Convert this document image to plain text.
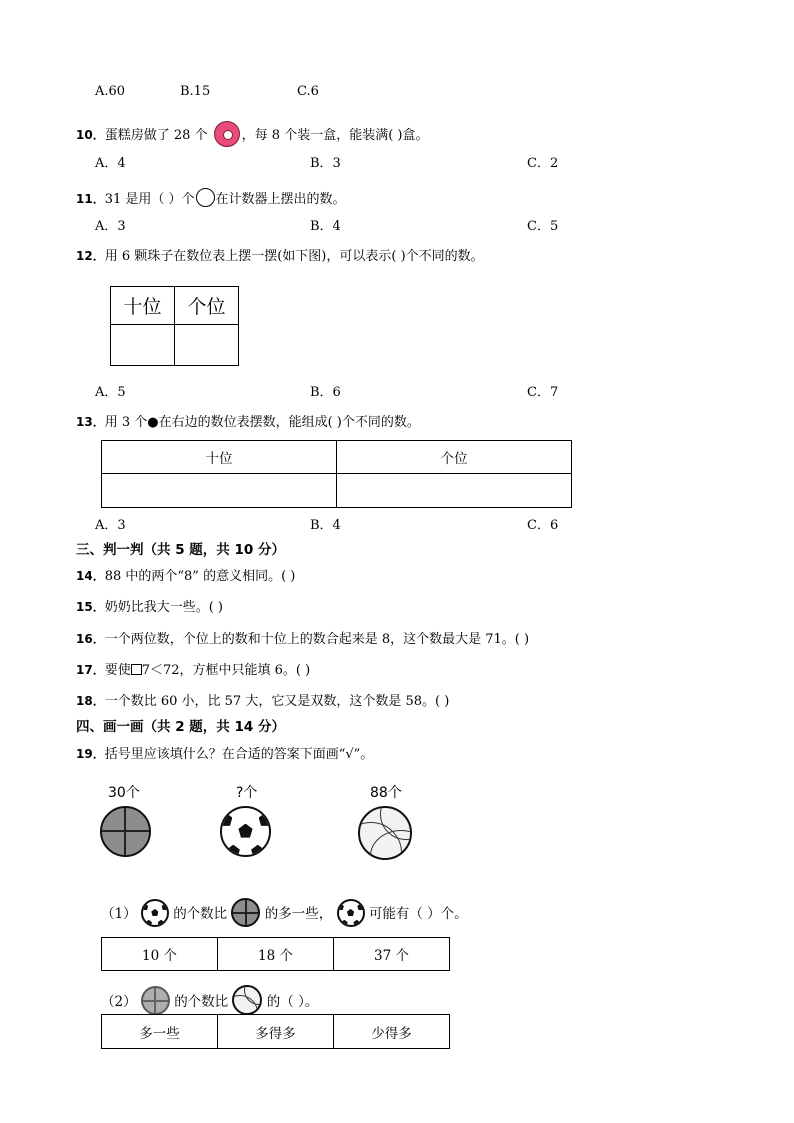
A.60	B.15	C.6
10．蛋糕房做了 28 个	，每 8 个装一盒，能装满( )盒。
A．4	B．3	C．2
11．31 是用（ ）个 在计数器上摆出的数。
A．3	B．4	C．5
12．用 6 颗珠子在数位表上摆一摆(如下图)，可以表示( )个不同的数。
十位	个位

A．5	B．6	C．7
13．用 3 个●在右边的数位表摆数，能组成( )个不同的数。
十位	个位

A．3	B．4	C．6
三、判一判（共 5 题，共 10 分）
14．88 中的两个“8” 的意义相同。( )
15．奶奶比我大一些。( )
16．一个两位数，个位上的数和十位上的数合起来是 8，这个数最大是 71。( )
17．要使 7＜72，方框中只能填 6。( )
18．一个数比 60 小，比 57 大，它又是双数，这个数是 58。( )
四、画一画（共 2 题，共 14 分）
19．括号里应该填什么？在合适的答案下面画“√”。
30个	?个	88个
（1）	的个数比	的多一些，	可能有（ ）个。
10 个	18 个	37 个
（2）	的个数比	的（ ）。
多一些	多得多	少得多
